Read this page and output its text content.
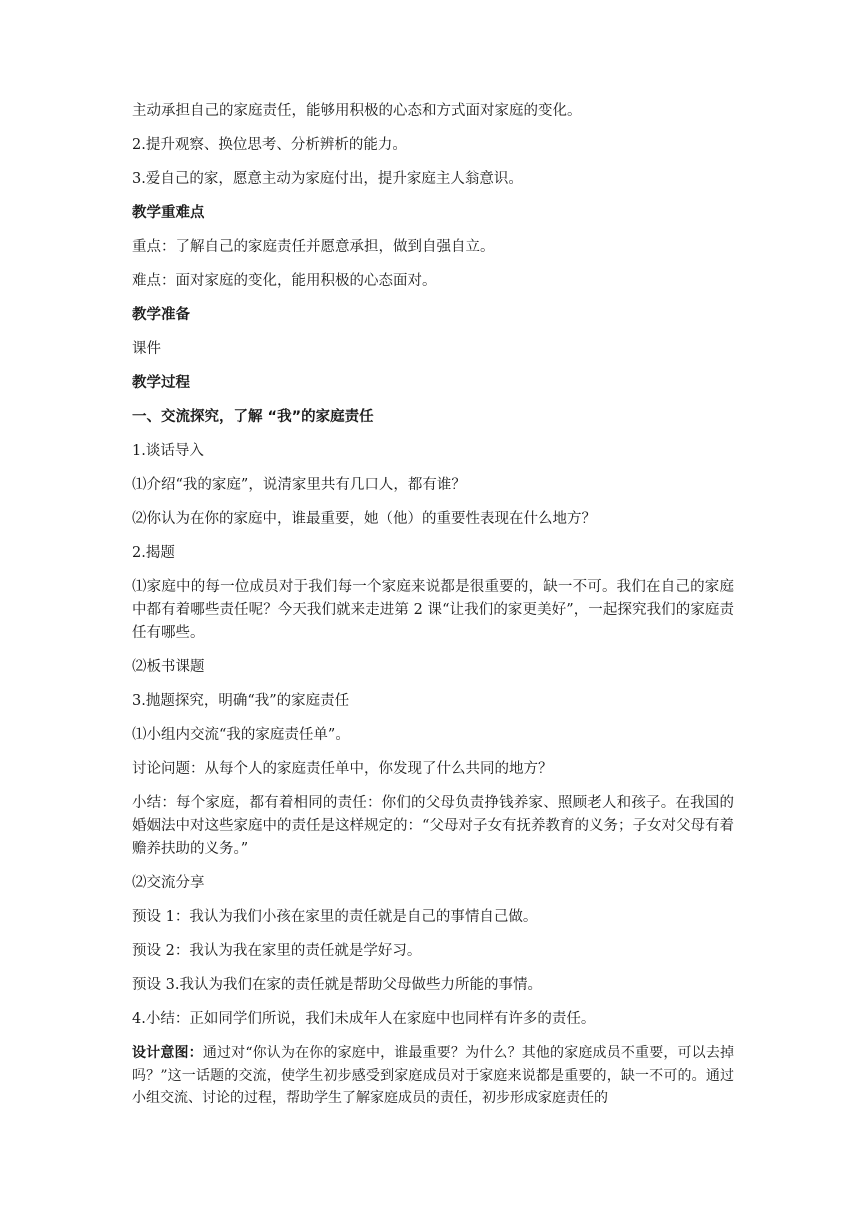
主动承担自己的家庭责任，能够用积极的心态和方式面对家庭的变化。

2.提升观察、换位思考、分析辨析的能力。

3.爱自己的家，愿意主动为家庭付出，提升家庭主人翁意识。

教学重难点

重点：了解自己的家庭责任并愿意承担，做到自强自立。

难点：面对家庭的变化，能用积极的心态面对。

教学准备

课件

教学过程

一、交流探究，了解 “我”的家庭责任

1.谈话导入

⑴介绍“我的家庭”，说清家里共有几口人，都有谁？

⑵你认为在你的家庭中，谁最重要，她（他）的重要性表现在什么地方？

2.揭题

⑴家庭中的每一位成员对于我们每一个家庭来说都是很重要的，缺一不可。我们在自己的家庭中都有着哪些责任呢？今天我们就来走进第 2 课“让我们的家更美好”，一起探究我们的家庭责任有哪些。

⑵板书课题

3.抛题探究，明确“我”的家庭责任

⑴小组内交流“我的家庭责任单”。

讨论问题：从每个人的家庭责任单中，你发现了什么共同的地方？

小结：每个家庭，都有着相同的责任：你们的父母负责挣钱养家、照顾老人和孩子。在我国的婚姻法中对这些家庭中的责任是这样规定的：“父母对子女有抚养教育的义务；子女对父母有着赡养扶助的义务。”

⑵交流分享

预设 1：我认为我们小孩在家里的责任就是自己的事情自己做。

预设 2：我认为我在家里的责任就是学好习。

预设 3.我认为我们在家的责任就是帮助父母做些力所能的事情。

4.小结：正如同学们所说，我们未成年人在家庭中也同样有许多的责任。

设计意图：通过对“你认为在你的家庭中，谁最重要？为什么？其他的家庭成员不重要，可以去掉吗？”这一话题的交流，使学生初步感受到家庭成员对于家庭来说都是重要的，缺一不可的。通过小组交流、讨论的过程，帮助学生了解家庭成员的责任，初步形成家庭责任的
